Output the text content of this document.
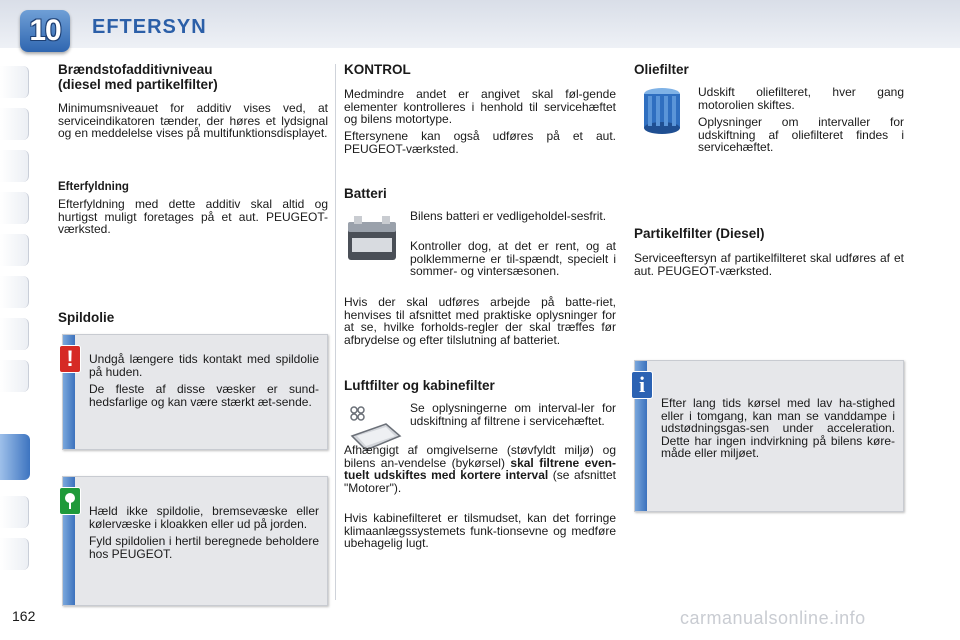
10 EFTERSYN
Brændstofadditivniveau
(diesel med partikelfilter)

Minimumsniveauet for additiv vises ved, at serviceindikatoren tænder, der høres et lydsignal og en meddelelse vises på multifunktionsdisplayet.

Efterfyldning

Efterfyldning med dette additiv skal altid og hurtigst muligt foretages på et aut. PEUGEOT-værksted.

Spildolie
!	Undgå længere tids kontakt med spildolie på huden.

De fleste af disse væsker er sund-hedsfarlige og kan være stærkt æt-sende.

Hæld ikke spildolie, bremsevæske eller kølervæske i kloakken eller ud på jorden.

Fyld spildolien i hertil beregnede beholdere hos PEUGEOT.

KONTROL

Medmindre andet er angivet skal føl-gende elementer kontrolleres i henhold til servicehæftet og bilens motortype.

Eftersynene kan også udføres på et aut. PEUGEOT-værksted.

Batteri

Bilens batteri er vedligeholdel-sesfrit.

Kontroller dog, at det er rent, og at polklemmerne er til-spændt, specielt i sommer- og vintersæsonen.

Hvis der skal udføres arbejde på batte-riet, henvises til afsnittet med praktiske oplysninger for at se, hvilke forholds-regler der skal træffes før afbrydelse og efter tilslutning af batteriet.

Luftfilter og kabinefilter

Se oplysningerne om interval-ler for udskiftning af filtrene i servicehæftet.

Afhængigt af omgivelserne (støvfyldt miljø) og bilens an-vendelse (bykørsel) skal filtrene even-tuelt udskiftes med kortere interval (se afsnittet "Motorer").

Hvis kabinefilteret er tilsmudset, kan det forringe klimaanlægssystemets funk-tionsevne og medføre ubehagelig lugt.

Oliefilter

Udskift oliefilteret, hver gang motorolien skiftes.

Oplysninger om intervaller for udskiftning af oliefilteret findes i servicehæftet.

Partikelfilter (Diesel)

Serviceeftersyn af partikelfilteret skal udføres af et aut. PEUGEOT-værksted.

i

Efter lang tids kørsel med lav ha-stighed eller i tomgang, kan man se vanddampe i udstødningsgas-sen under acceleration. Dette har ingen indvirkning på bilens køre-måde eller miljøet.

162	carmanualsonline.info
